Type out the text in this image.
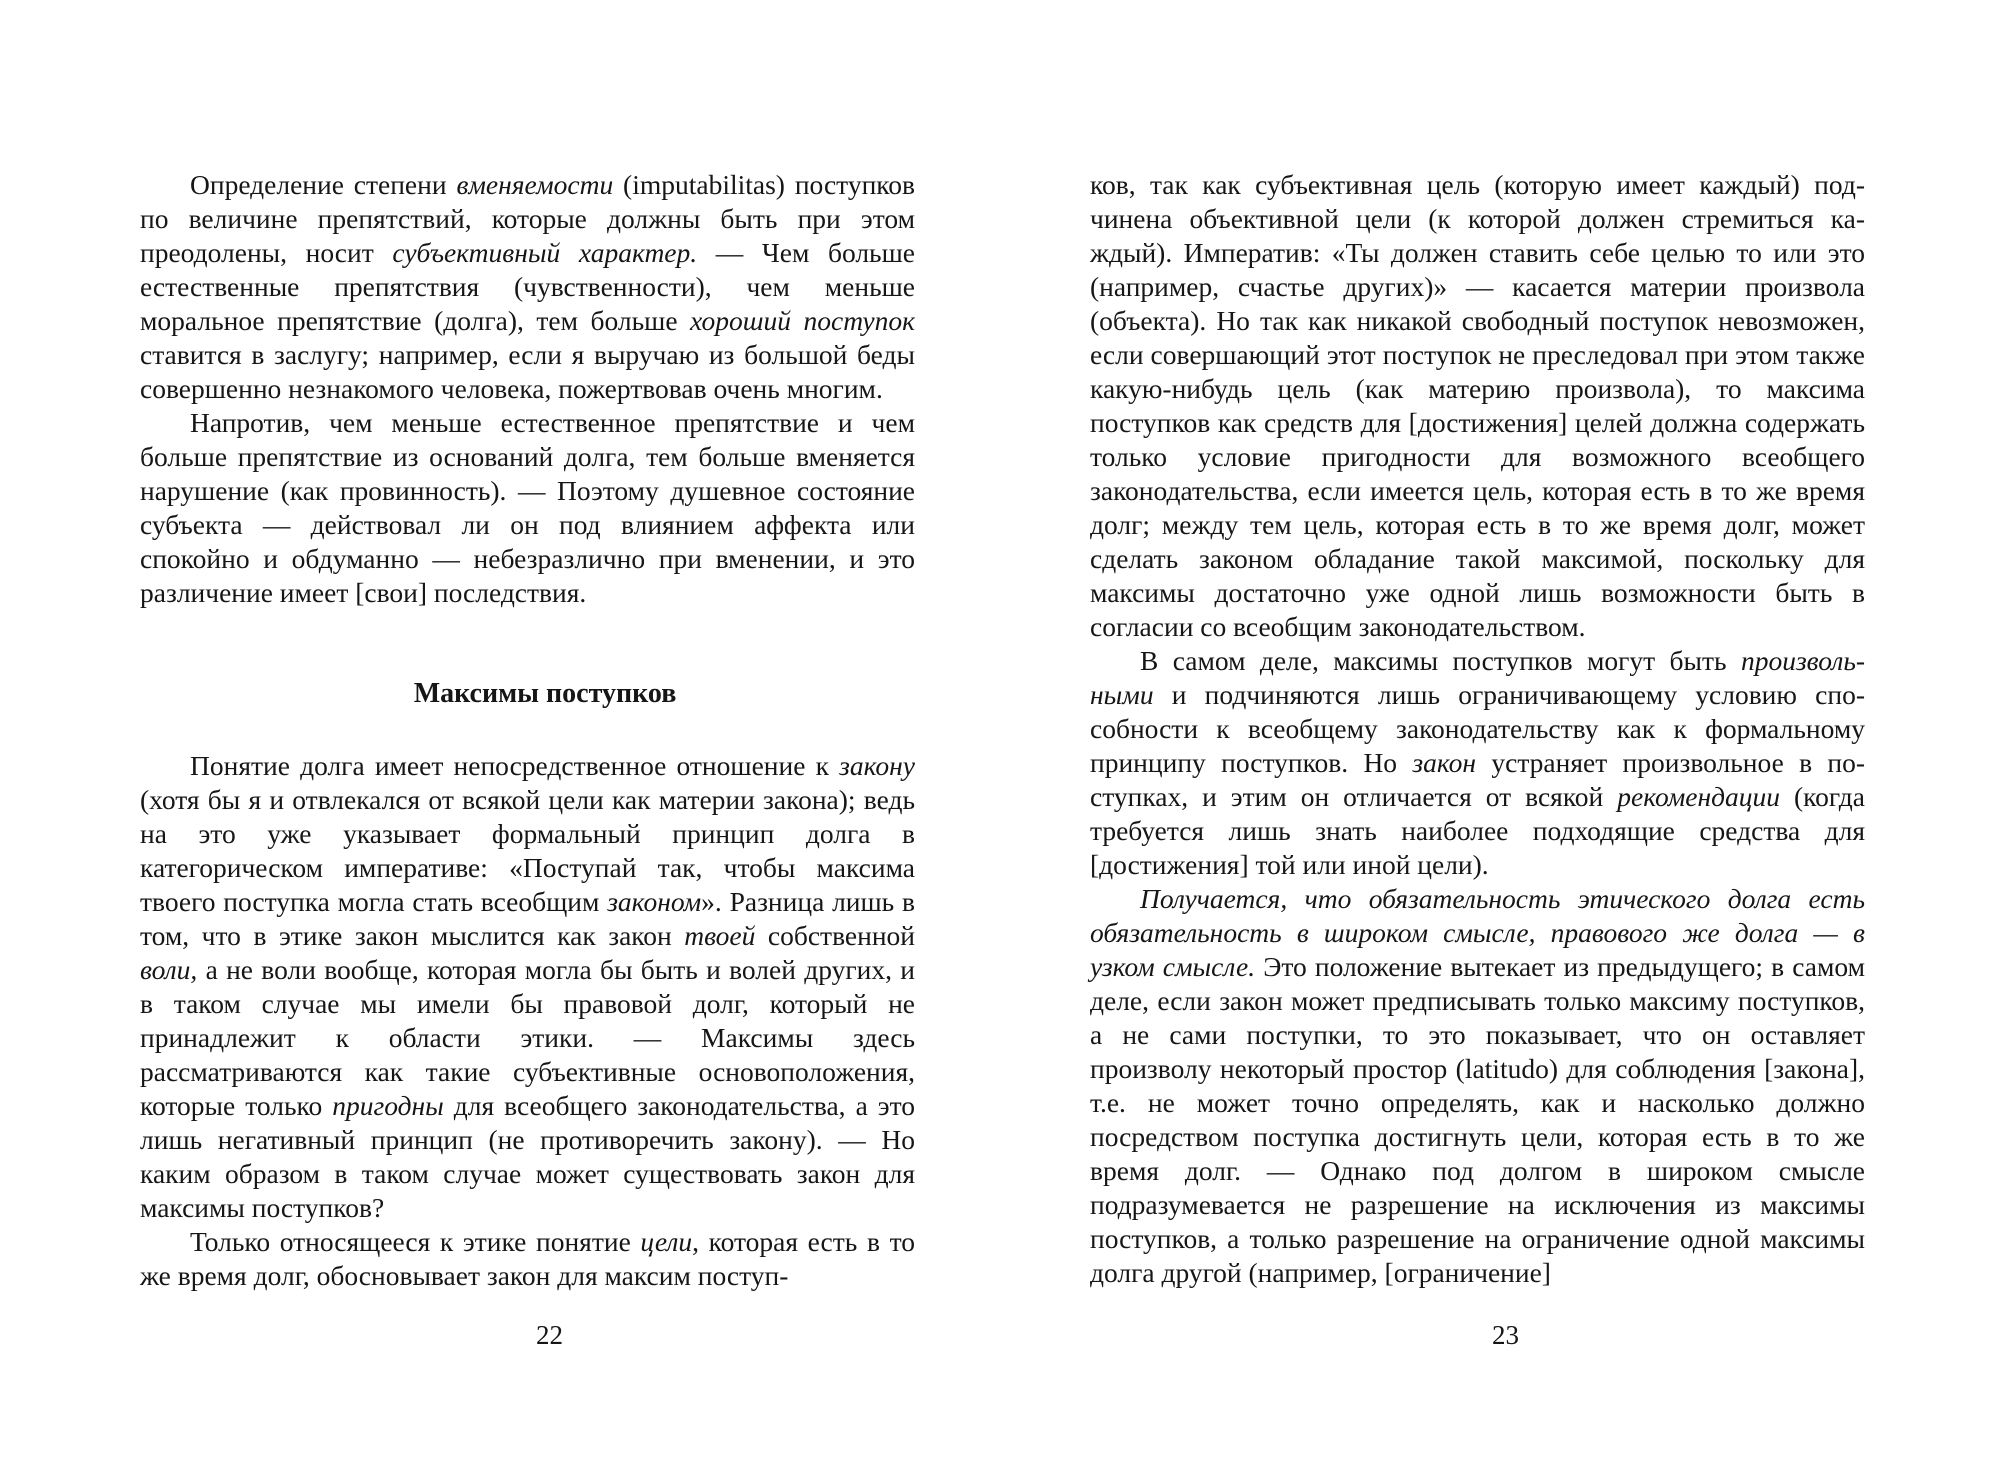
Определение степени вменяемости (imputabilitas) поступков по величине препятствий, которые должны быть при этом преодолены, носит субъективный характер. — Чем больше естественные препятствия (чувственности), чем меньше моральное препятствие (долга), тем больше хороший поступок ставится в заслугу; например, если я выручаю из большой беды совершенно незнакомого человека, пожертвовав очень многим.

Напротив, чем меньше естественное препятствие и чем больше препятствие из оснований долга, тем больше вменяется нарушение (как провинность). — Поэтому душевное состояние субъекта — действовал ли он под влиянием аффекта или спокойно и обдуманно — небезразлично при вменении, и это различение имеет [свои] последствия.

Максимы поступков

Понятие долга имеет непосредственное отношение к закону (хотя бы я и отвлекался от всякой цели как материи закона); ведь на это уже указывает формальный принцип долга в категорическом императиве: «Поступай так, чтобы максима твоего поступка могла стать всеобщим законом». Разница лишь в том, что в этике закон мыслится как закон твоей собственной воли, а не воли вообще, которая могла бы быть и волей других, и в таком случае мы имели бы правовой долг, который не принадлежит к области этики. — Максимы здесь рассматриваются как такие субъективные основоположения, которые только пригодны для всеобщего законодательства, а это лишь негативный принцип (не противоречить закону). — Но каким образом в таком случае может существовать закон для максимы поступков?

Только относящееся к этике понятие цели, которая есть в то же время долг, обосновывает закон для максим поступ-

22

ков, так как субъективная цель (которую имеет каждый) подчинена объективной цели (к которой должен стремиться каждый). Императив: «Ты должен ставить себе целью то или это (например, счастье других)» — касается материи произвола (объекта). Но так как никакой свободный поступок невозможен, если совершающий этот поступок не преследовал при этом также какую-нибудь цель (как материю произвола), то максима поступков как средств для [достижения] целей должна содержать только условие пригодности для возможного всеобщего законодательства, если имеется цель, которая есть в то же время долг; между тем цель, которая есть в то же время долг, может сделать законом обладание такой максимой, поскольку для максимы достаточно уже одной лишь возможности быть в согласии со всеобщим законодательством.

В самом деле, максимы поступков могут быть произвольными и подчиняются лишь ограничивающему условию способности к всеобщему законодательству как к формальному принципу поступков. Но закон устраняет произвольное в поступках, и этим он отличается от всякой рекомендации (когда требуется лишь знать наиболее подходящие средства для [достижения] той или иной цели).

Получается, что обязательность этического долга есть обязательность в широком смысле, правового же долга — в узком смысле. Это положение вытекает из предыдущего; в самом деле, если закон может предписывать только максиму поступков, а не сами поступки, то это показывает, что он оставляет произволу некоторый простор (latitudo) для соблюдения [закона], т.е. не может точно определять, как и насколько должно посредством поступка достигнуть цели, которая есть в то же время долг. — Однако под долгом в широком смысле подразумевается не разрешение на исключения из максимы поступков, а только разрешение на ограничение одной максимы долга другой (например, [ограничение]

23
